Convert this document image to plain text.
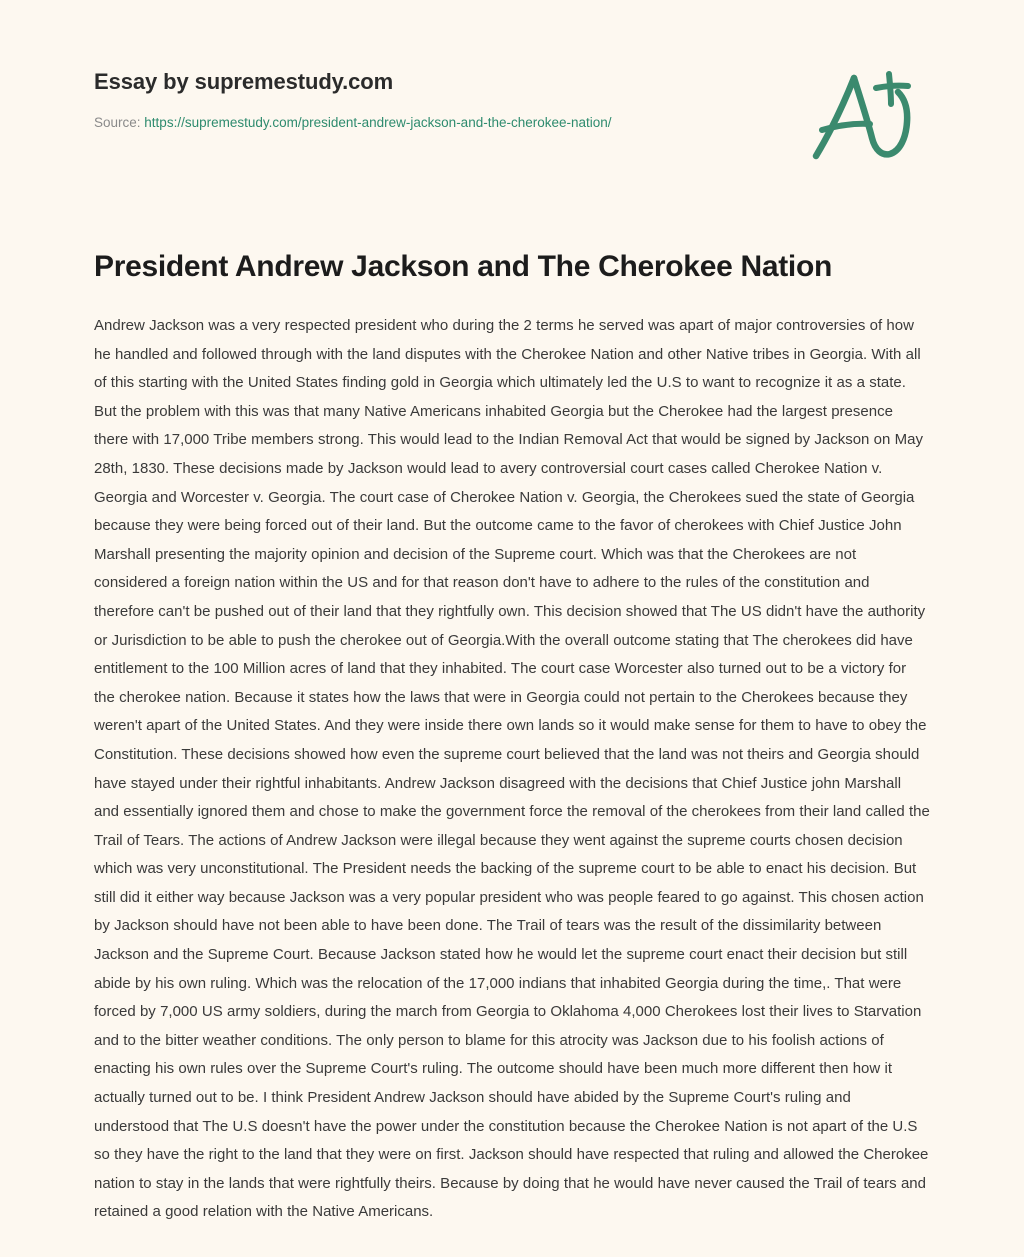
Essay by supremestudy.com
Source: https://supremestudy.com/president-andrew-jackson-and-the-cherokee-nation/
President Andrew Jackson and The Cherokee Nation

Andrew Jackson was a very respected president who during the 2 terms he served was apart of major controversies of how he handled and followed through with the land disputes with the Cherokee Nation and other Native tribes in Georgia. With all of this starting with the United States finding gold in Georgia which ultimately led the U.S to want to recognize it as a state. But the problem with this was that many Native Americans inhabited Georgia but the Cherokee had the largest presence there with 17,000 Tribe members strong. This would lead to the Indian Removal Act that would be signed by Jackson on May 28th, 1830. These decisions made by Jackson would lead to avery controversial court cases called Cherokee Nation v. Georgia and Worcester v. Georgia. The court case of Cherokee Nation v. Georgia, the Cherokees sued the state of Georgia because they were being forced out of their land. But the outcome came to the favor of cherokees with Chief Justice John Marshall presenting the majority opinion and decision of the Supreme court. Which was that the Cherokees are not considered a foreign nation within the US and for that reason don't have to adhere to the rules of the constitution and therefore can't be pushed out of their land that they rightfully own. This decision showed that The US didn't have the authority or Jurisdiction to be able to push the cherokee out of Georgia.With the overall outcome stating that The cherokees did have entitlement to the 100 Million acres of land that they inhabited. The court case Worcester also turned out to be a victory for the cherokee nation. Because it states how the laws that were in Georgia could not pertain to the Cherokees because they weren't apart of the United States. And they were inside there own lands so it would make sense for them to have to obey the Constitution. These decisions showed how even the supreme court believed that the land was not theirs and Georgia should have stayed under their rightful inhabitants. Andrew Jackson disagreed with the decisions that Chief Justice john Marshall and essentially ignored them and chose to make the government force the removal of the cherokees from their land called the Trail of Tears. The actions of Andrew Jackson were illegal because they went against the supreme courts chosen decision which was very unconstitutional. The President needs the backing of the supreme court to be able to enact his decision. But still did it either way because Jackson was a very popular president who was people feared to go against. This chosen action by Jackson should have not been able to have been done. The Trail of tears was the result of the dissimilarity between Jackson and the Supreme Court. Because Jackson stated how he would let the supreme court enact their decision but still abide by his own ruling. Which was the relocation of the 17,000 indians that inhabited Georgia during the time,. That were forced by 7,000 US army soldiers, during the march from Georgia to Oklahoma 4,000 Cherokees lost their lives to Starvation and to the bitter weather conditions. The only person to blame for this atrocity was Jackson due to his foolish actions of enacting his own rules over the Supreme Court's ruling. The outcome should have been much more different then how it actually turned out to be. I think President Andrew Jackson should have abided by the Supreme Court's ruling and understood that The U.S doesn't have the power under the constitution because the Cherokee Nation is not apart of the U.S so they have the right to the land that they were on first. Jackson should have respected that ruling and allowed the Cherokee nation to stay in the lands that were rightfully theirs. Because by doing that he would have never caused the Trail of tears and retained a good relation with the Native Americans.
